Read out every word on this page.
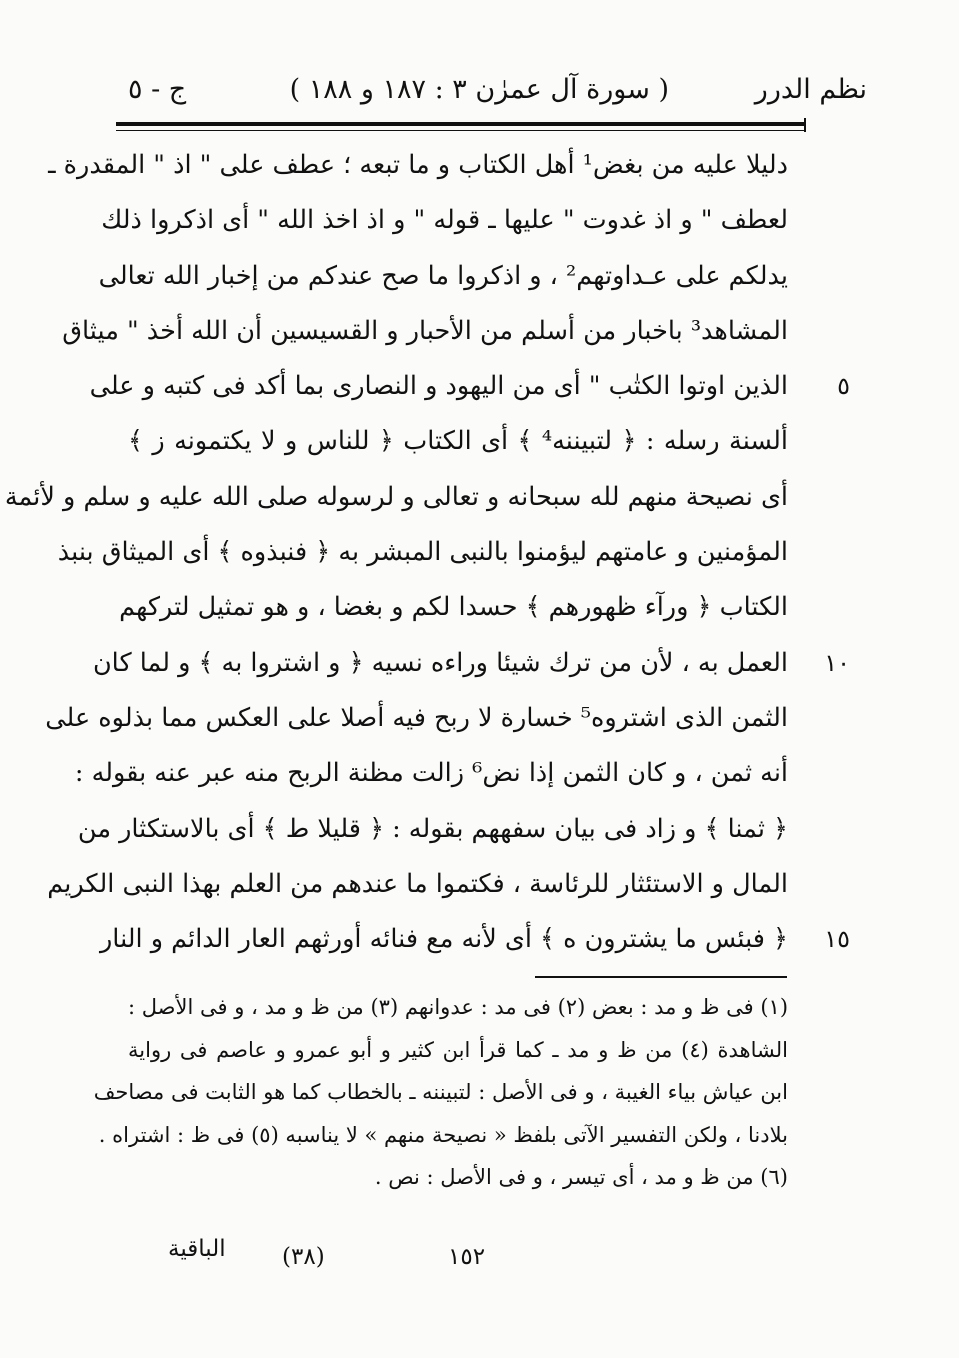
نظم الدرر
( سورة آل عمرٰن ٣ : ١٨٧ و ١٨٨ )
ج - ٥
دليلا عليه من بغض¹ أهل الكتاب و ما تبعه ؛ عطف على " اذ " المقدرة ـ
لعطف " و اذ غدوت " عليها ـ قوله " و اذ اخذ الله " أى اذكروا ذلك
يدلكم على عـداوتهم² ، و اذكروا ما صح عندكم من إخبار الله تعالى
المشاهد³ باخبار من أسلم من الأحبار و القسيسين أن الله أخذ " ميثاق
الذين اوتوا الكتٰب " أى من اليهود و النصارى بما أكد فى كتبه و على ٥
ألسنة رسله : ﴿ لتبيننه⁴ ﴾ أى الكتاب ﴿ للناس و لا يكتمونه ز ﴾
أى نصيحة منهم لله سبحانه و تعالى و لرسوله صلى الله عليه و سلم و لأئمة
المؤمنين و عامتهم ليؤمنوا بالنبى المبشر به ﴿ فنبذوه ﴾ أى الميثاق بنبذ
الكتاب ﴿ ورآء ظهورهم ﴾ حسدا لكم و بغضا ، و هو تمثيل لتركهم
العمل به ، لأن من ترك شيئا وراءه نسيه ﴿ و اشتروا به ﴾ و لما كان ١٠
الثمن الذى اشتروه⁵ خسارة لا ربح فيه أصلا على العكس مما بذلوه على
أنه ثمن ، و كان الثمن إذا نض⁶ زالت مظنة الربح منه عبر عنه بقوله :
﴿ ثمنا ﴾ و زاد فى بيان سفههم بقوله : ﴿ قليلا ط ﴾ أى بالاستكثار من
المال و الاستئثار للرئاسة ، فكتموا ما عندهم من العلم بهذا النبى الكريم
﴿ فبئس ما يشترون ه ﴾ أى لأنه مع فنائه أورثهم العار الدائم و النار ١٥
(١) فى ظ و مد : بعض (٢) فى مد : عدوانهم (٣) من ظ و مد ، و فى الأصل :
الشاهدة (٤) من ظ و مد ـ كما قرأ ابن كثير و أبو عمرو و عاصم فى رواية
ابن عياش بياء الغيبة ، و فى الأصل : لتبيننه ـ بالخطاب كما هو الثابت فى مصاحف
بلادنا ، ولكن التفسير الآتى بلفظ « نصيحة منهم » لا يناسبه (٥) فى ظ : اشتراه .
(٦) من ظ و مد ، أى تيسر ، و فى الأصل : نص .
الباقية (٣٨)	١٥٢
